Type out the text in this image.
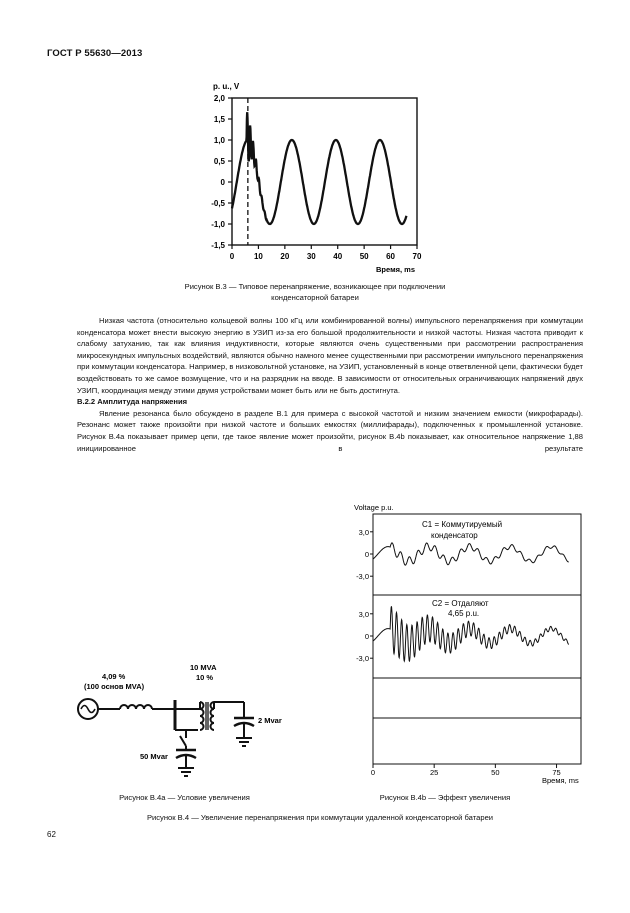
ГОСТ Р 55630—2013
p. u., V
2,0
1,5
1,0
0,5
0
-0,5
-1,0
-1,5
0 10 20 30 40 50 60 70
Время, ms
Рисунок В.3 — Типовое перенапряжение, возникающее при подключении
конденсаторной батареи

Низкая частота (относительно кольцевой волны 100 кГц или комбинированной волны) импульсного перенапряжения при коммутации конденсатора может внести высокую энергию в УЗИП из-за его большой продолжительности и низкой частоты. Низкая частота приводит к слабому затуханию, так как влияния индуктивности, которые являются очень существенными при рассмотрении распространения микросекундных импульсных воздействий, являются обычно намного менее существенными при рассмотрении импульсного перенапряжения при коммутации конденсатора. Например, в низковольтной установке, на УЗИП, установленный в конце ответвленной цепи, фактически будет воздействовать то же самое возмущение, что и на разрядник на вводе. В зависимости от относительных ограничивающих напряжений двух УЗИП, координация между этими двумя устройствами может быть или не быть достигнута.

В.2.2 Амплитуда напряжения

Явление резонанса было обсуждено в разделе В.1 для примера с высокой частотой и низким значением емкости (микрофарады). Резонанс может также произойти при низкой частоте и больших емкостях (миллифарады), подключенных к промышленной установке. Рисунок В.4а показывает пример цепи, где такое явление может произойти, рисунок В.4b показывает, как относительное напряжение 1,88 инициированное в результате

4,09 %
(100 основ MVA)
10 MVA
10 %
2 Mvar
50 Mvar
Voltage p.u.
C1 = Коммутируемый
конденсатор
C2 = Отдаляют
4,65 p.u.
3,0
0
-3,0
3,0
0
-3,0
0	25	50	75
Время, ms
Рисунок В.4а — Условие увеличения	Рисунок В.4b — Эффект увеличения
Рисунок В.4 — Увеличение перенапряжения при коммутации удаленной конденсаторной батареи
62
